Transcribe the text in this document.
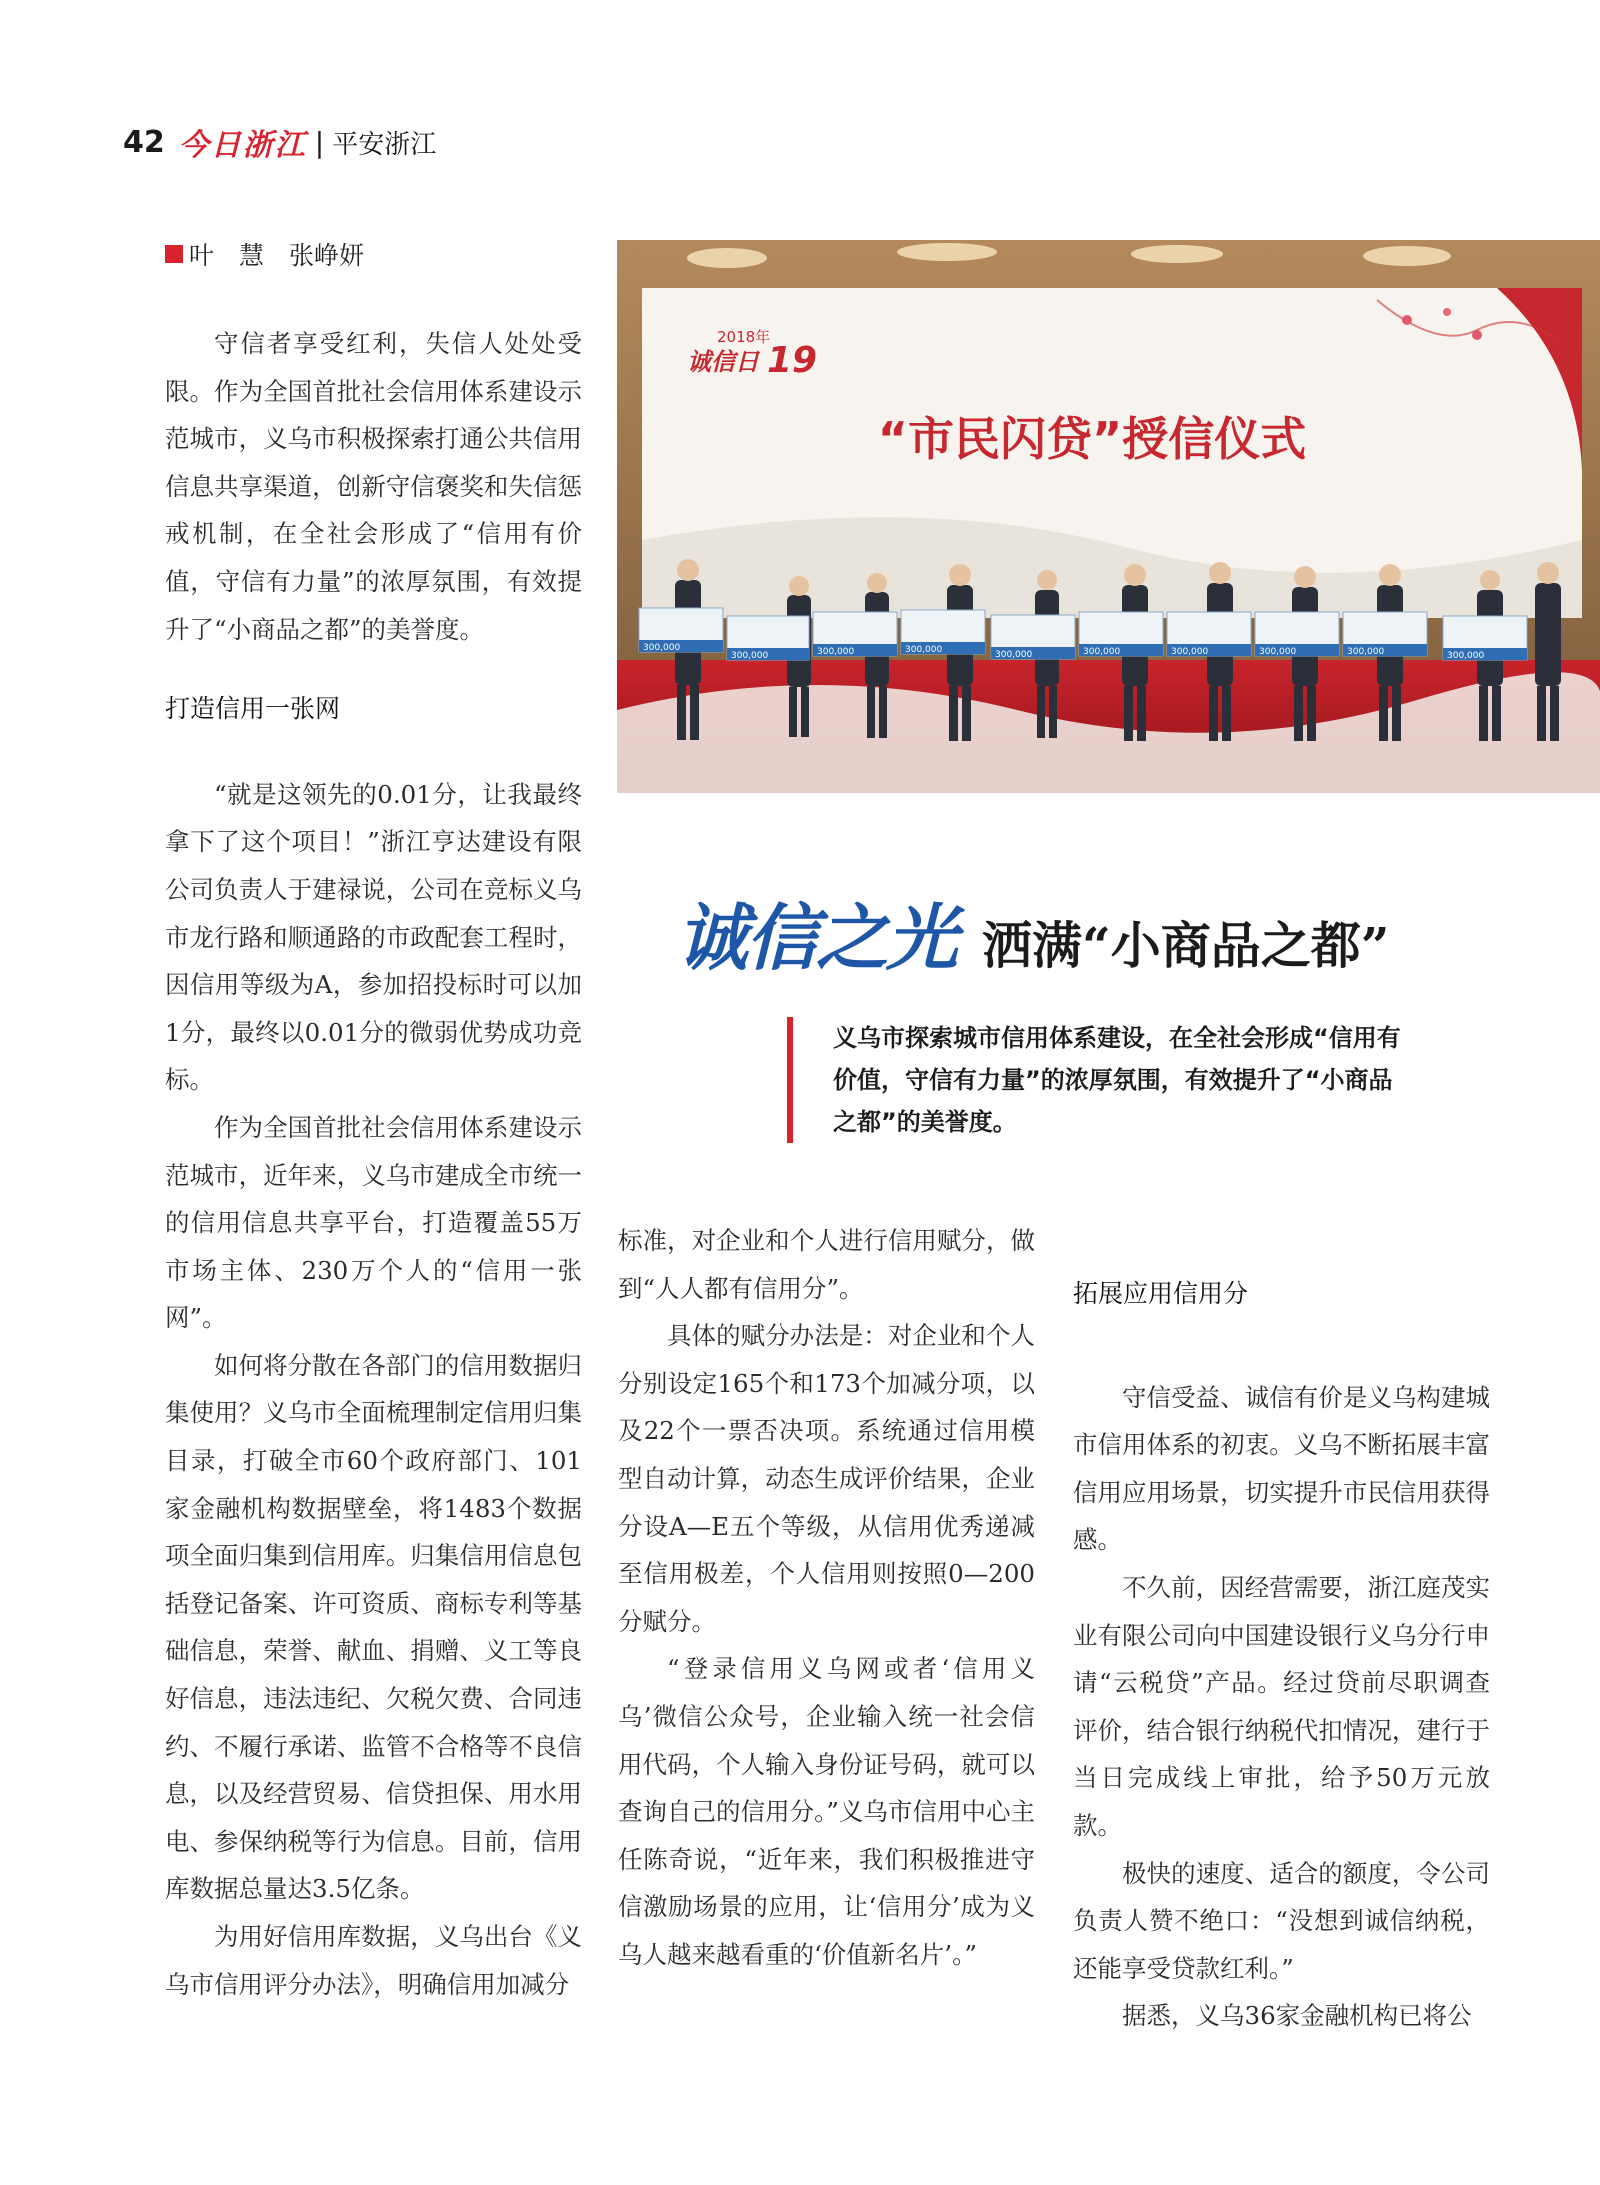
42 今日浙江 | 平安浙江
叶　慧　张峥妍

守信者享受红利，失信人处处受限。作为全国首批社会信用体系建设示范城市，义乌市积极探索打通公共信用信息共享渠道，创新守信褒奖和失信惩戒机制，在全社会形成了“信用有价值，守信有力量”的浓厚氛围，有效提升了“小商品之都”的美誉度。

打造信用一张网

“就是这领先的0.01分，让我最终拿下了这个项目！”浙江亨达建设有限公司负责人于建禄说，公司在竞标义乌市龙行路和顺通路的市政配套工程时，因信用等级为A，参加招投标时可以加1分，最终以0.01分的微弱优势成功竞标。

作为全国首批社会信用体系建设示范城市，近年来，义乌市建成全市统一的信用信息共享平台，打造覆盖55万市场主体、230万个人的“信用一张网”。

如何将分散在各部门的信用数据归集使用？义乌市全面梳理制定信用归集目录，打破全市60个政府部门、101家金融机构数据壁垒，将1483个数据项全面归集到信用库。归集信用信息包括登记备案、许可资质、商标专利等基础信息，荣誉、献血、捐赠、义工等良好信息，违法违纪、欠税欠费、合同违约、不履行承诺、监管不合格等不良信息，以及经营贸易、信贷担保、用水用电、参保纳税等行为信息。目前，信用库数据总量达3.5亿条。

为用好信用库数据，义乌出台《义乌市信用评分办法》，明确信用加减分

2018年
诚信日 19
“市民闪贷”授信仪式
300,000
300,000	300,000	300,000	300,000	300,000	300,000	300,000	300,000	300,000
诚信之光 洒满“小商品之都”
义乌市探索城市信用体系建设，在全社会形成“信用有价值，守信有力量”的浓厚氛围，有效提升了“小商品之都”的美誉度。

标准，对企业和个人进行信用赋分，做到“人人都有信用分”。

具体的赋分办法是：对企业和个人分别设定165个和173个加减分项，以及22个一票否决项。系统通过信用模型自动计算，动态生成评价结果，企业分设A—E五个等级，从信用优秀递减至信用极差，个人信用则按照0—200分赋分。

“登录信用义乌网或者‘信用义乌’微信公众号，企业输入统一社会信用代码，个人输入身份证号码，就可以查询自己的信用分。”义乌市信用中心主任陈奇说，“近年来，我们积极推进守信激励场景的应用，让‘信用分’成为义乌人越来越看重的‘价值新名片’。”

拓展应用信用分

守信受益、诚信有价是义乌构建城市信用体系的初衷。义乌不断拓展丰富信用应用场景，切实提升市民信用获得感。

不久前，因经营需要，浙江庭茂实业有限公司向中国建设银行义乌分行申请“云税贷”产品。经过贷前尽职调查评价，结合银行纳税代扣情况，建行于当日完成线上审批，给予50万元放款。

极快的速度、适合的额度，令公司负责人赞不绝口：“没想到诚信纳税，还能享受贷款红利。”

据悉，义乌36家金融机构已将公
